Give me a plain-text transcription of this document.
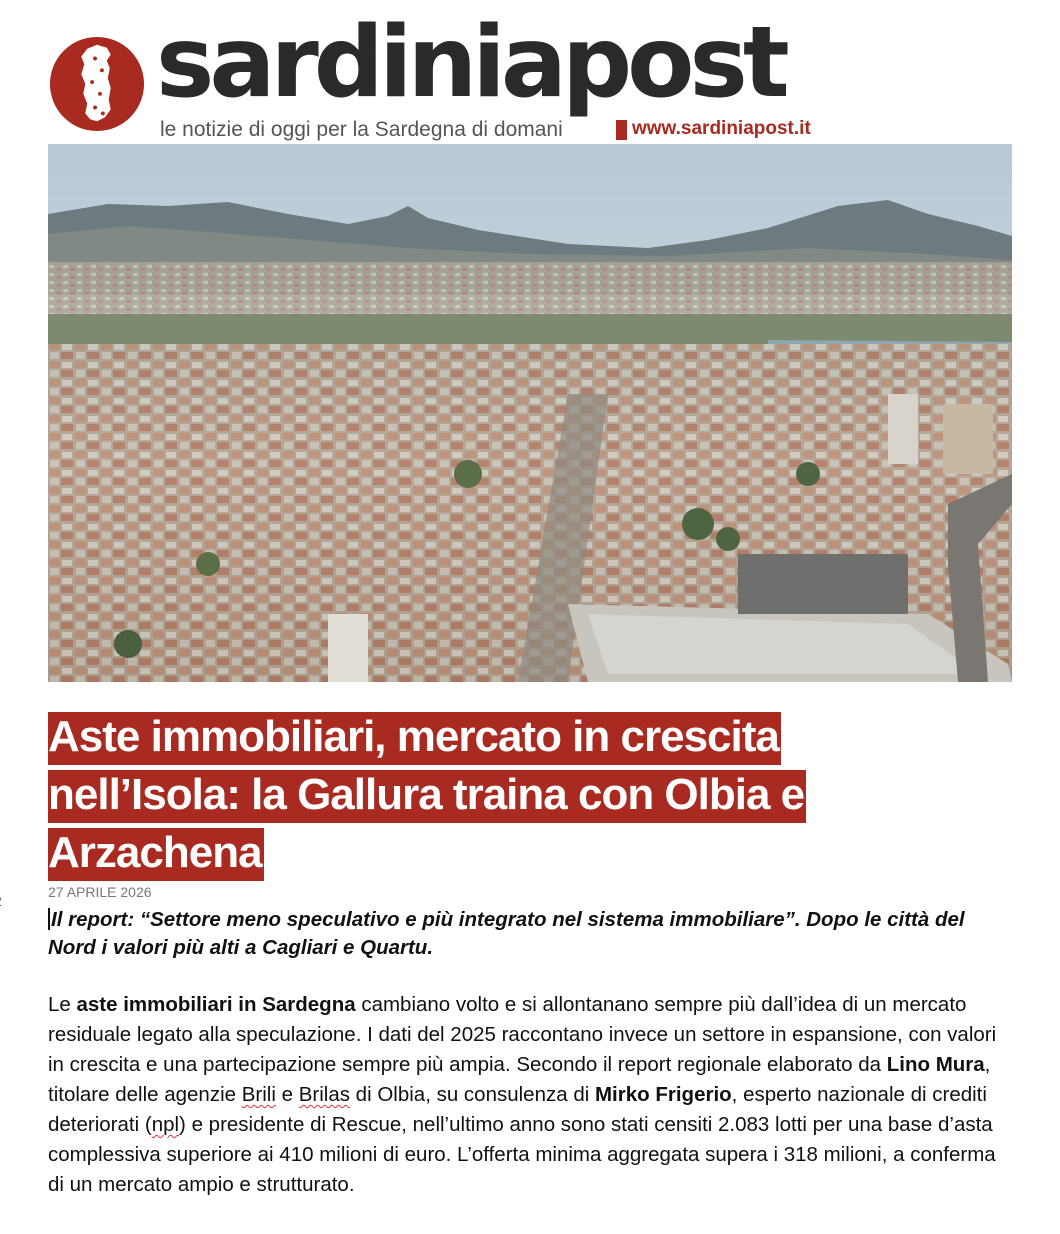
sardiniapost
le notizie di oggi per la Sardegna di domani	www.sardiniapost.it
Aste immobiliari, mercato in crescita nell’Isola: la Gallura traina con Olbia e Arzachena
27 APRILE 2026

Il report: “Settore meno speculativo e più integrato nel sistema immobiliare”. Dopo le città del Nord i valori più alti a Cagliari e Quartu.

Le aste immobiliari in Sardegna cambiano volto e si allontanano sempre più dall’idea di un mercato residuale legato alla speculazione. I dati del 2025 raccontano invece un settore in espansione, con valori in crescita e una partecipazione sempre più ampia. Secondo il report regionale elaborato da Lino Mura, titolare delle agenzie Brili e Brilas di Olbia, su consulenza di Mirko Frigerio, esperto nazionale di crediti deteriorati (npl) e presidente di Rescue, nell’ultimo anno sono stati censiti 2.083 lotti per una base d’asta complessiva superiore ai 410 milioni di euro. L’offerta minima aggregata supera i 318 milioni, a conferma di un mercato ampio e strutturato.
